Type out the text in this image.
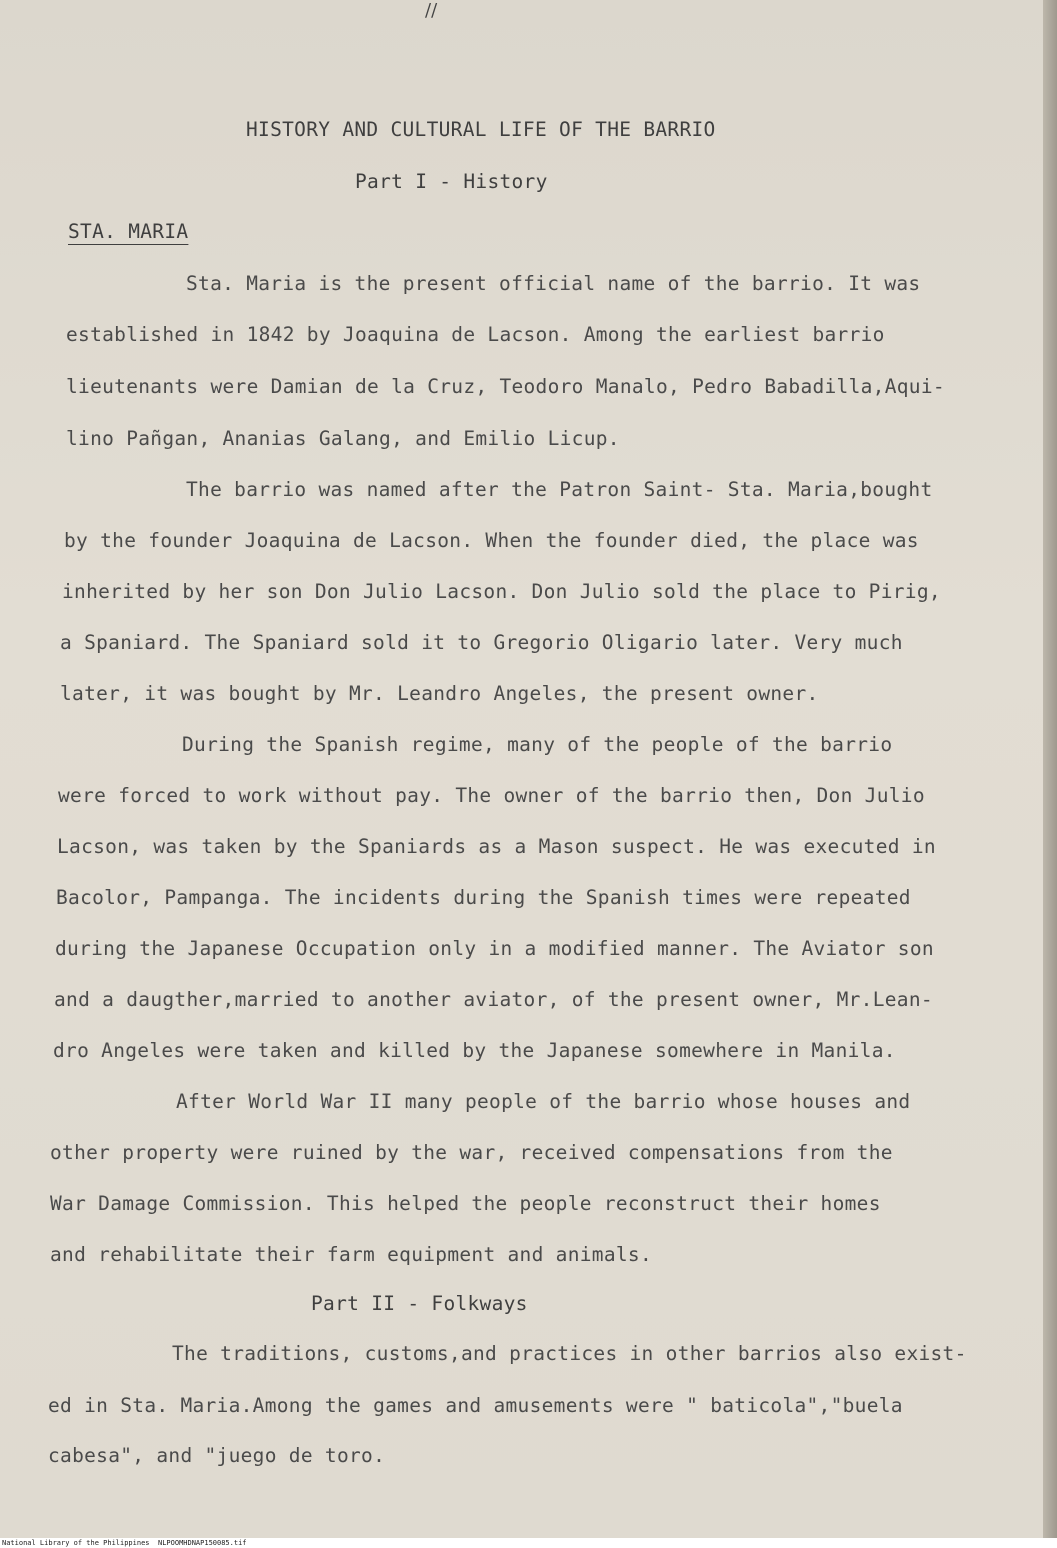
//

HISTORY AND CULTURAL LIFE OF THE BARRIO

Part I - History

STA. MARIA

Sta. Maria is the present official name of the barrio. It was

established in 1842 by Joaquina de Lacson. Among the earliest barrio

lieutenants were Damian de la Cruz, Teodoro Manalo, Pedro Babadilla,Aqui-

lino Pañgan, Ananias Galang, and Emilio Licup.

The barrio was named after the Patron Saint- Sta. Maria,bought

by the founder Joaquina de Lacson. When the founder died, the place was

inherited by her son Don Julio Lacson. Don Julio sold the place to Pirig,

a Spaniard. The Spaniard sold it to Gregorio Oligario later. Very much

later, it was bought by Mr. Leandro Angeles, the present owner.

During the Spanish regime, many of the people of the barrio

were forced to work without pay. The owner of the barrio then, Don Julio

Lacson, was taken by the Spaniards as a Mason suspect. He was executed in

Bacolor, Pampanga. The incidents during the Spanish times were repeated

during the Japanese Occupation only in a modified manner. The Aviator son

and a daugther,married to another aviator, of the present owner, Mr.Lean-

dro Angeles were taken and killed by the Japanese somewhere in Manila.

After World War II many people of the barrio whose houses and

other property were ruined by the war, received compensations from the

War Damage Commission. This helped the people reconstruct their homes

and rehabilitate their farm equipment and animals.

Part II - Folkways

The traditions, customs,and practices in other barrios also exist-

ed in Sta. Maria.Among the games and amusements were " baticola","buela

cabesa", and "juego de toro.

National Library of the Philippines NLPOOMHDNAP150085.tif
